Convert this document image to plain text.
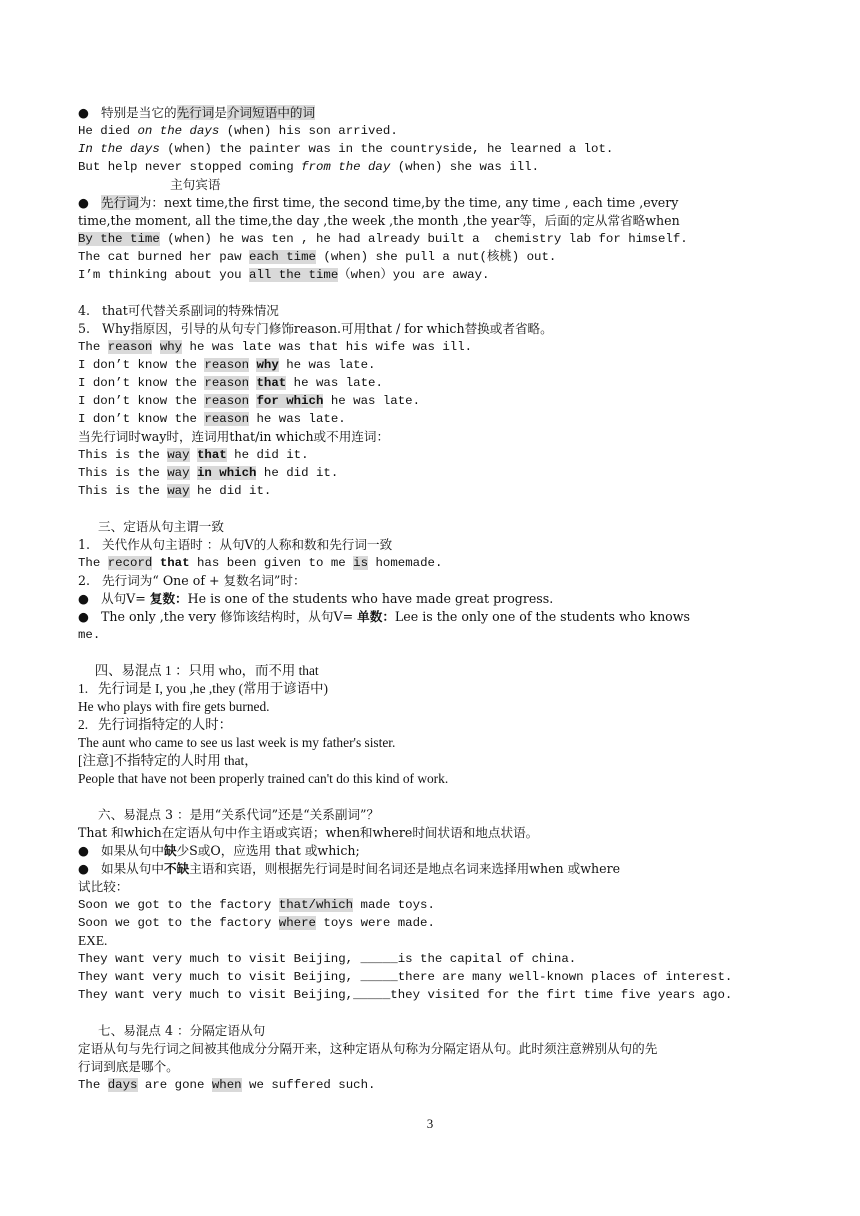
3
●   特别是当它的先行词是介词短语中的词
He died on the days (when) his son arrived.
In the days (when) the painter was in the countryside, he learned a lot.
But help never stopped coming from the day (when) she was ill.
主句宾语
●   先行词为：next time,the first time, the second time,by the time, any time , each time ,every
time,the moment, all the time,the day ,the week ,the month ,the year等，后面的定从常省略when
By the time (when) he was ten , he had already built a  chemistry lab for himself.
The cat burned her paw each time (when) she pull a nut(核桃) out.
I’m thinking about you all the time（when）you are away.
4.   that可代替关系副词的特殊情况
5.   Why指原因，引导的从句专门修饰reason.可用that / for which替换或者省略。
The reason why he was late was that his wife was ill.
I don’t know the reason why he was late.
I don’t know the reason that he was late.
I don’t know the reason for which he was late.
I don’t know the reason he was late.
当先行词时way时，连词用that/in which或不用连词：
This is the way that he did it.
This is the way in which he did it.
This is the way he did it.
三、定语从句主谓一致
1.   关代作从句主语时 ：从句V的人称和数和先行词一致
The record that has been given to me is homemade.
2.   先行词为“ One of + 复数名词”时：
●   从句V= 复数：He is one of the students who have made great progress.
●   The only ,the very 修饰该结构时，从句V= 单数：Lee is the only one of the students who knows
me.
四、易混点 1 ：只用 who，而不用 that
1.   先行词是 I, you ,he ,they (常用于谚语中)
He who plays with fire gets burned.
2.   先行词指特定的人时：
The aunt who came to see us last week is my father's sister.
[注意]不指特定的人时用 that，
People that have not been properly trained can't do this kind of work.
六、易混点 3 ：是用“关系代词”还是“关系副词”？
That 和which在定语从句中作主语或宾语；when和where时间状语和地点状语。
●   如果从句中缺少S或O，应选用 that 或which;
●   如果从句中不缺主语和宾语，则根据先行词是时间名词还是地点名词来选择用when 或where
试比较：
Soon we got to the factory that/which made toys.
Soon we got to the factory where toys were made.
EXE.
They want very much to visit Beijing, _____is the capital of china.
They want very much to visit Beijing, _____there are many well-known places of interest.
They want very much to visit Beijing,_____they visited for the firt time five years ago.
七、易混点 4 ：分隔定语从句
定语从句与先行词之间被其他成分分隔开来，这种定语从句称为分隔定语从句。此时须注意辨别从句的先
行词到底是哪个。
The days are gone when we suffered such.
